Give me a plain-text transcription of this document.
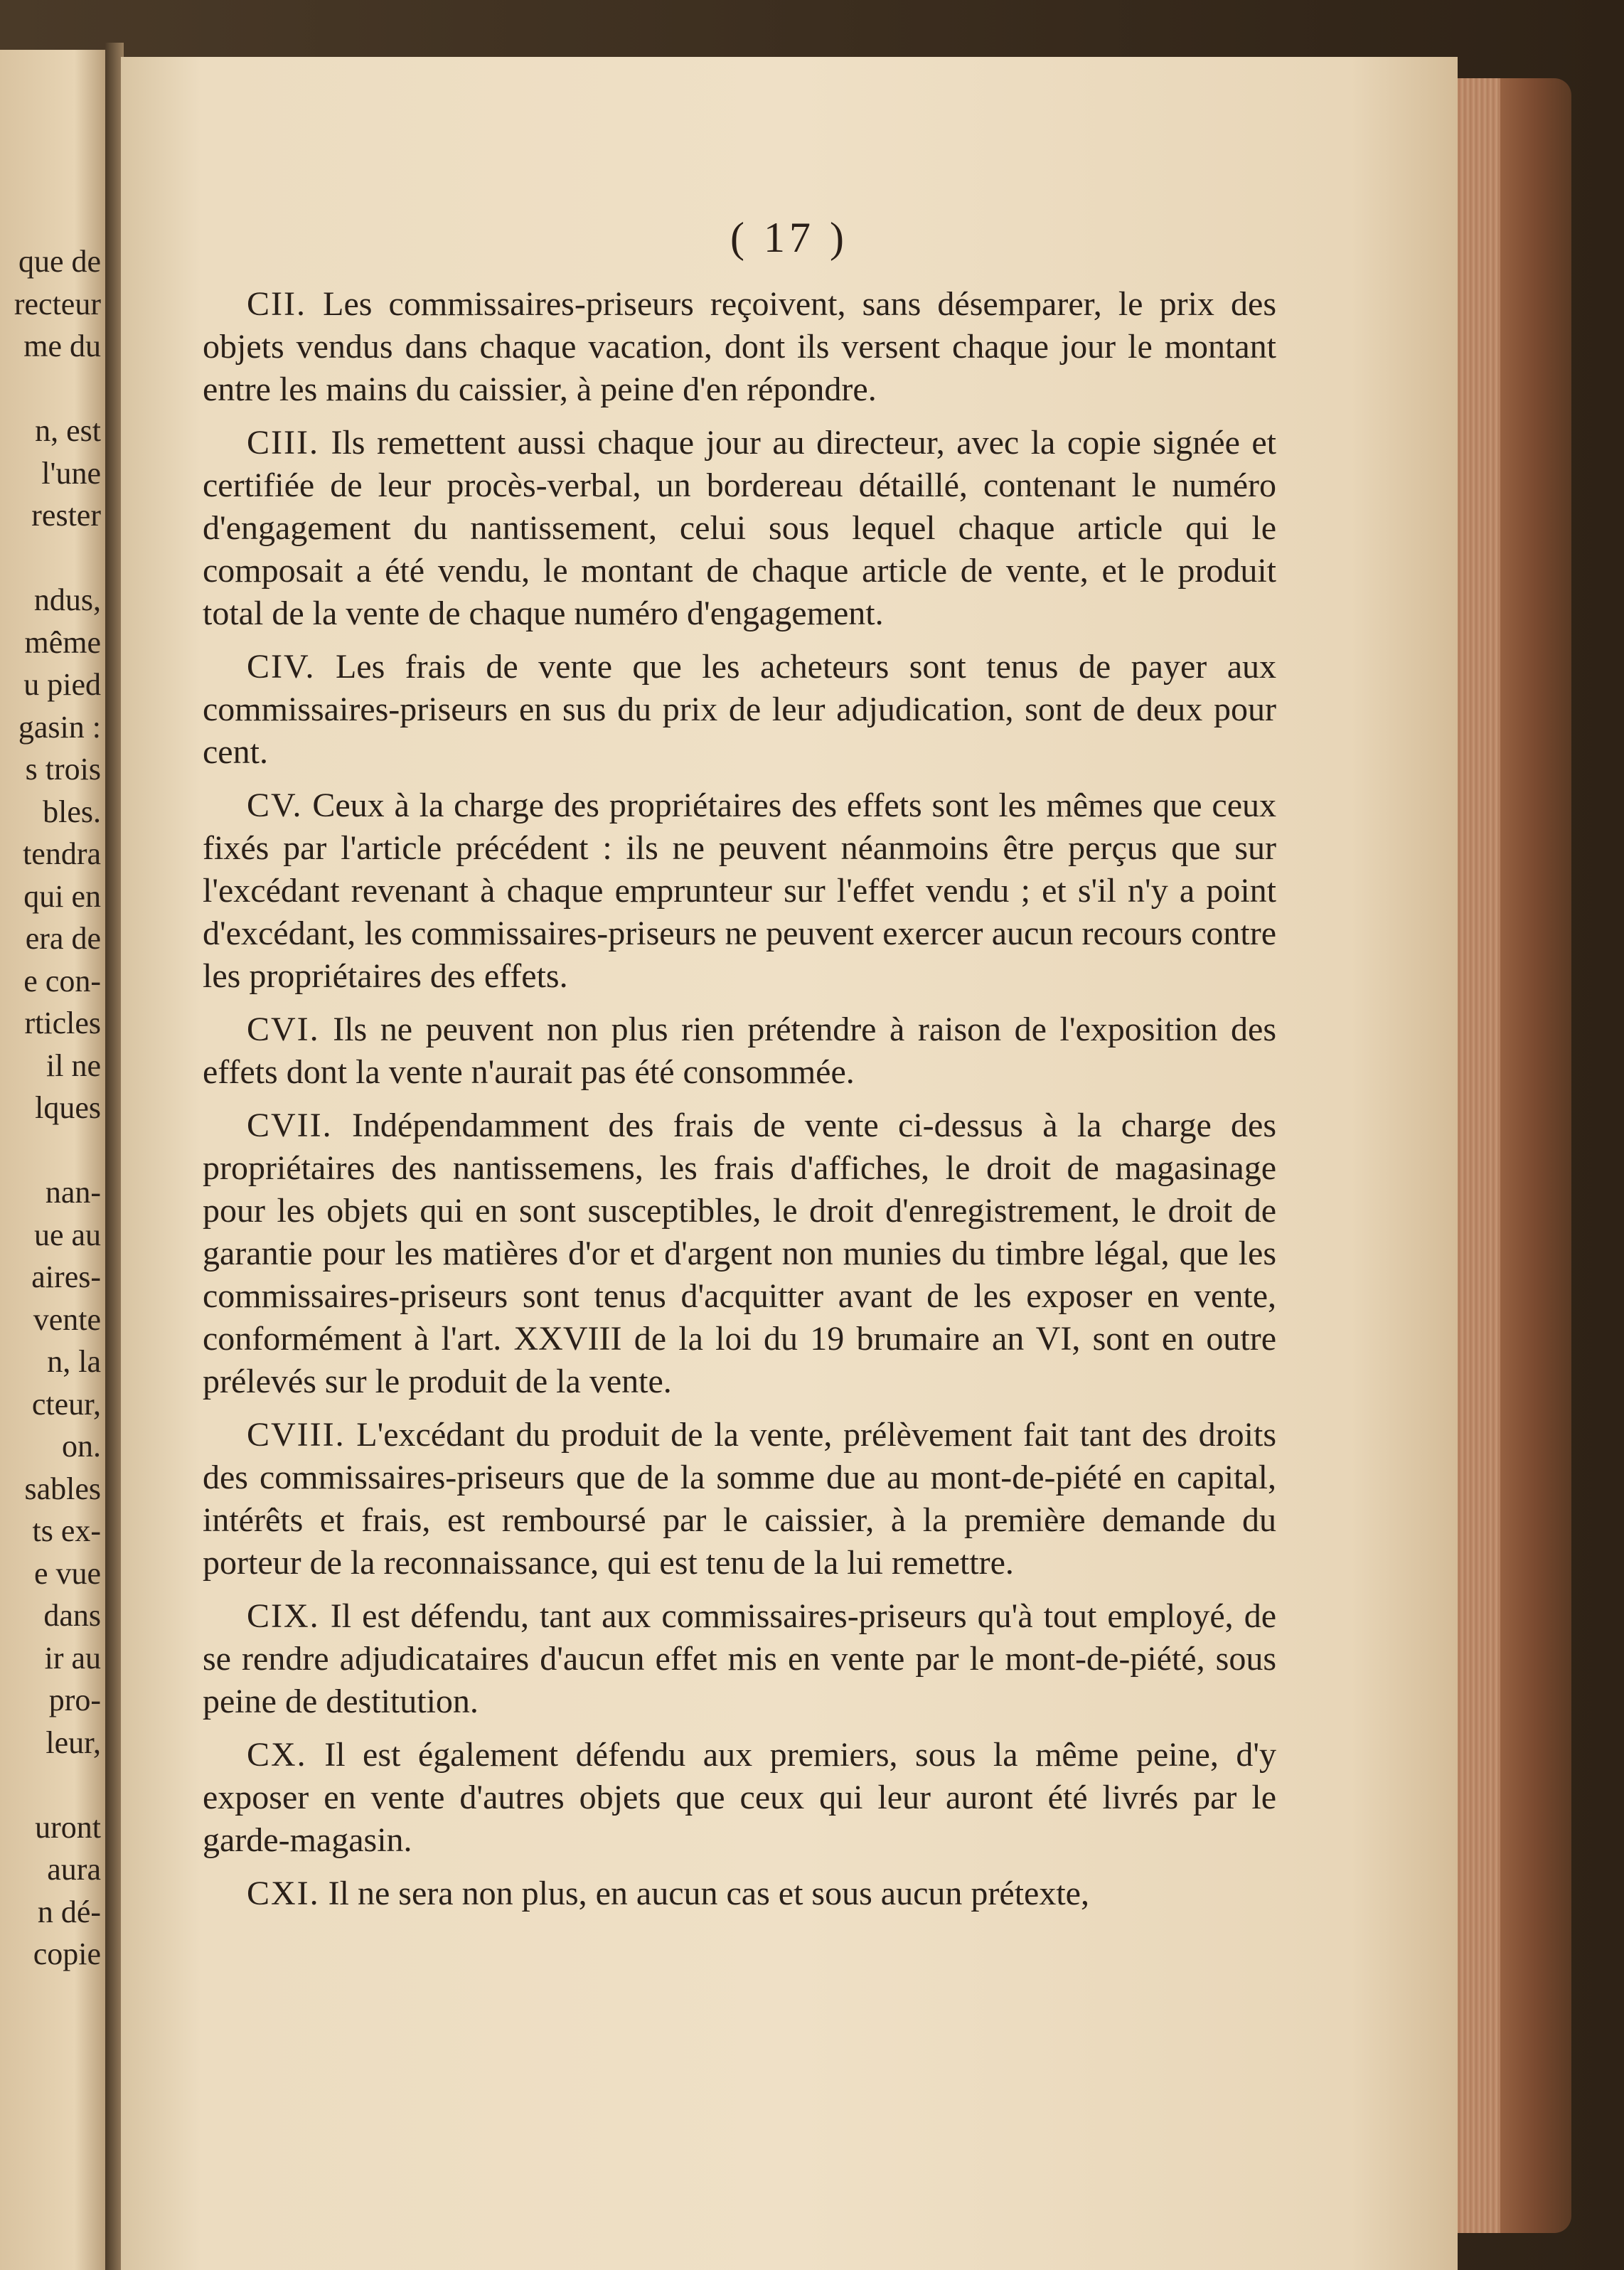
que de
recteur
me du
n, est
l'une
rester
ndus,
même
u pied
gasin :
s trois
bles.
tendra
qui en
era de
e con-
rticles
il ne
lques
nan-
ue au
aires-
vente
n, la
cteur,
on.
sables
ts ex-
e vue
dans
ir au
pro-
leur,
uront
aura
n dé-
copie
( 17 )

CII. Les commissaires-priseurs reçoivent, sans désemparer, le prix des objets vendus dans chaque vacation, dont ils versent chaque jour le montant entre les mains du caissier, à peine d'en répondre.

CIII. Ils remettent aussi chaque jour au directeur, avec la copie signée et certifiée de leur procès-verbal, un bordereau détaillé, contenant le numéro d'engagement du nantissement, celui sous lequel chaque article qui le composait a été vendu, le montant de chaque article de vente, et le produit total de la vente de chaque numéro d'engagement.

CIV. Les frais de vente que les acheteurs sont tenus de payer aux commissaires-priseurs en sus du prix de leur adjudication, sont de deux pour cent.

CV. Ceux à la charge des propriétaires des effets sont les mêmes que ceux fixés par l'article précédent : ils ne peuvent néanmoins être perçus que sur l'excédant revenant à chaque emprunteur sur l'effet vendu ; et s'il n'y a point d'excédant, les commissaires-priseurs ne peuvent exercer aucun recours contre les propriétaires des effets.

CVI. Ils ne peuvent non plus rien prétendre à raison de l'exposition des effets dont la vente n'aurait pas été consommée.

CVII. Indépendamment des frais de vente ci-dessus à la charge des propriétaires des nantissemens, les frais d'affiches, le droit de magasinage pour les objets qui en sont susceptibles, le droit d'enregistrement, le droit de garantie pour les matières d'or et d'argent non munies du timbre légal, que les commissaires-priseurs sont tenus d'acquitter avant de les exposer en vente, conformément à l'art. XXVIII de la loi du 19 brumaire an VI, sont en outre prélevés sur le produit de la vente.

CVIII. L'excédant du produit de la vente, prélèvement fait tant des droits des commissaires-priseurs que de la somme due au mont-de-piété en capital, intérêts et frais, est remboursé par le caissier, à la première demande du porteur de la reconnaissance, qui est tenu de la lui remettre.

CIX. Il est défendu, tant aux commissaires-priseurs qu'à tout employé, de se rendre adjudicataires d'aucun effet mis en vente par le mont-de-piété, sous peine de destitution.

CX. Il est également défendu aux premiers, sous la même peine, d'y exposer en vente d'autres objets que ceux qui leur auront été livrés par le garde-magasin.

CXI. Il ne sera non plus, en aucun cas et sous aucun prétexte,
